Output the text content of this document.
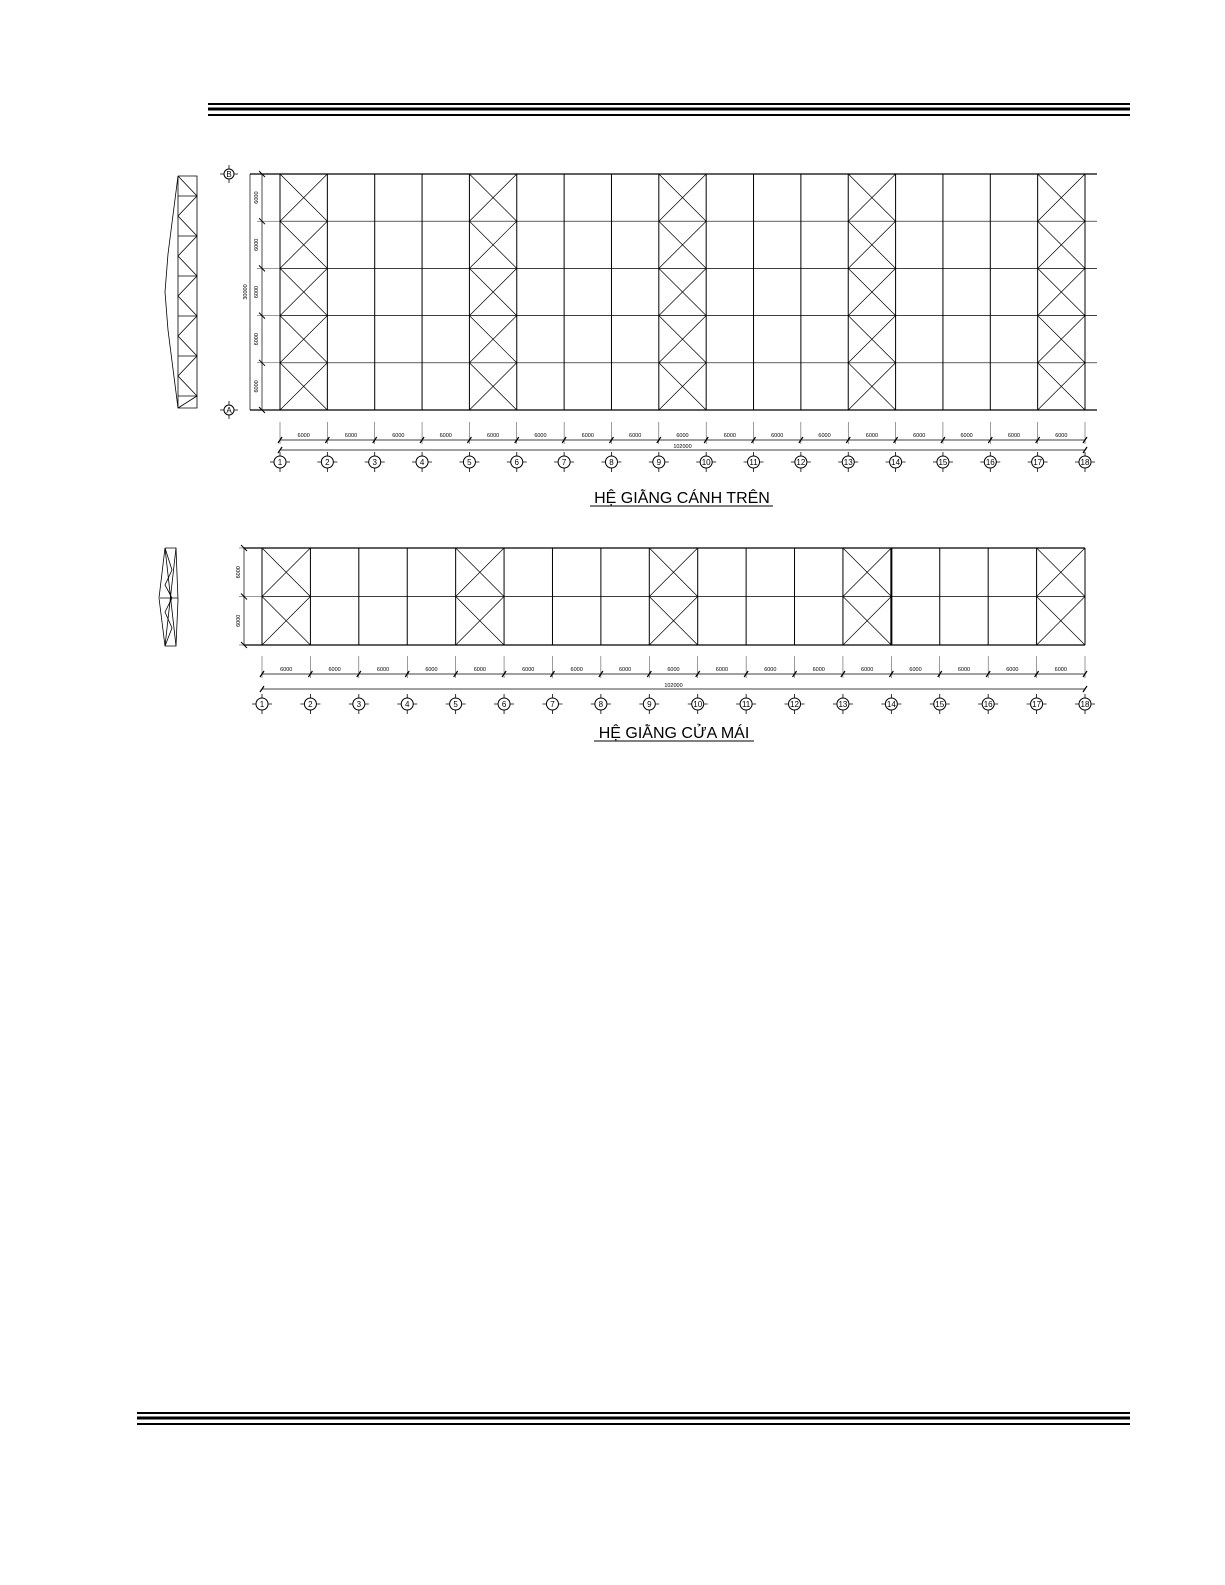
6000
6000
6000
6000
6000
30000
B
A
6000	6000	6000	6000	6000	6000	6000	6000	6000	6000	6000	6000	6000	6000	6000	6000	6000
102000
1	2	3	4	5	6	7	8	9	10	11	12	13	14	15	16	17	18
6000
6000
6000	6000	6000	6000	6000	6000	6000	6000	6000	6000	6000	6000	6000	6000	6000	6000	6000
102000
1	2	3	4	5	6	7	8	9	10	11	12	13	14	15	16	17	18
HỆ GIẰNG CÁNH TRÊN
HỆ GIẰNG CỬA MÁI
